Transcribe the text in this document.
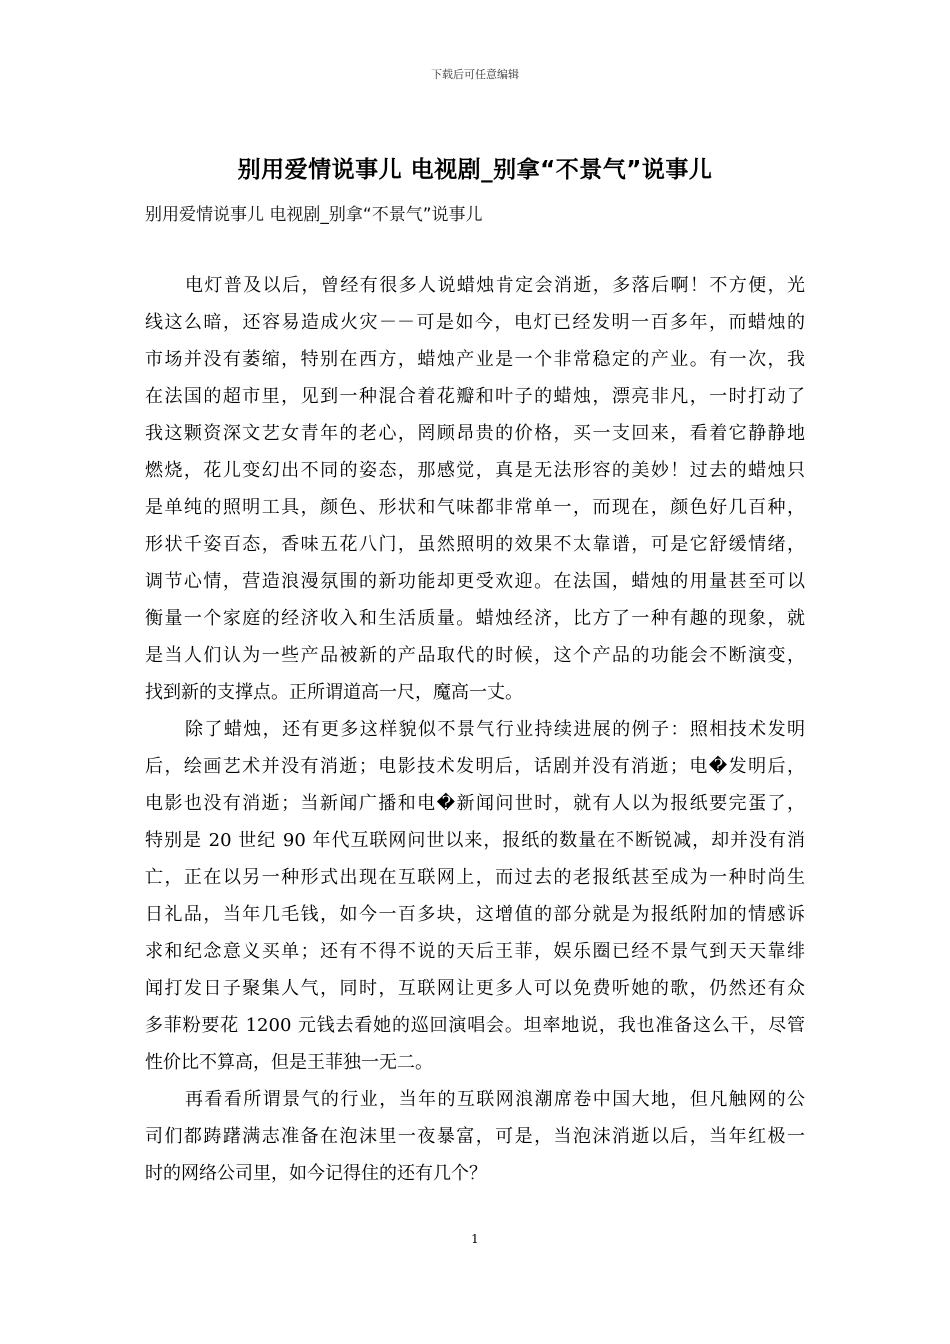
下载后可任意编辑
别用爱情说事儿 电视剧_别拿“不景气”说事儿
别用爱情说事儿 电视剧_别拿“不景气”说事儿
电灯普及以后，曾经有很多人说蜡烛肯定会消逝，多落后啊！不方便，光
线这么暗，还容易造成火灾－－可是如今，电灯已经发明一百多年，而蜡烛的
市场并没有萎缩，特别在西方，蜡烛产业是一个非常稳定的产业。有一次，我
在法国的超市里，见到一种混合着花瓣和叶子的蜡烛，漂亮非凡，一时打动了
我这颗资深文艺女青年的老心，罔顾昂贵的价格，买一支回来，看着它静静地
燃烧，花儿变幻出不同的姿态，那感觉，真是无法形容的美妙！过去的蜡烛只
是单纯的照明工具，颜色、形状和气味都非常单一，而现在，颜色好几百种，
形状千姿百态，香味五花八门，虽然照明的效果不太靠谱，可是它舒缓情绪，
调节心情，营造浪漫氛围的新功能却更受欢迎。在法国，蜡烛的用量甚至可以
衡量一个家庭的经济收入和生活质量。蜡烛经济，比方了一种有趣的现象，就
是当人们认为一些产品被新的产品取代的时候，这个产品的功能会不断演变，
找到新的支撑点。正所谓道高一尺，魔高一丈。
除了蜡烛，还有更多这样貌似不景气行业持续进展的例子：照相技术发明
后，绘画艺术并没有消逝；电影技术发明后，话剧并没有消逝；电�发明后，
电影也没有消逝；当新闻广播和电�新闻问世时，就有人以为报纸要完蛋了，
特别是 20 世纪 90 年代互联网问世以来，报纸的数量在不断锐减，却并没有消
亡，正在以另一种形式出现在互联网上，而过去的老报纸甚至成为一种时尚生
日礼品，当年几毛钱，如今一百多块，这增值的部分就是为报纸附加的情感诉
求和纪念意义买单；还有不得不说的天后王菲，娱乐圈已经不景气到天天靠绯
闻打发日子聚集人气，同时，互联网让更多人可以免费听她的歌，仍然还有众
多菲粉要花 1200 元钱去看她的巡回演唱会。坦率地说，我也准备这么干，尽管
性价比不算高，但是王菲独一无二。
再看看所谓景气的行业，当年的互联网浪潮席卷中国大地，但凡触网的公
司们都踌躇满志准备在泡沫里一夜暴富，可是，当泡沫消逝以后，当年红极一
时的网络公司里，如今记得住的还有几个？
1
